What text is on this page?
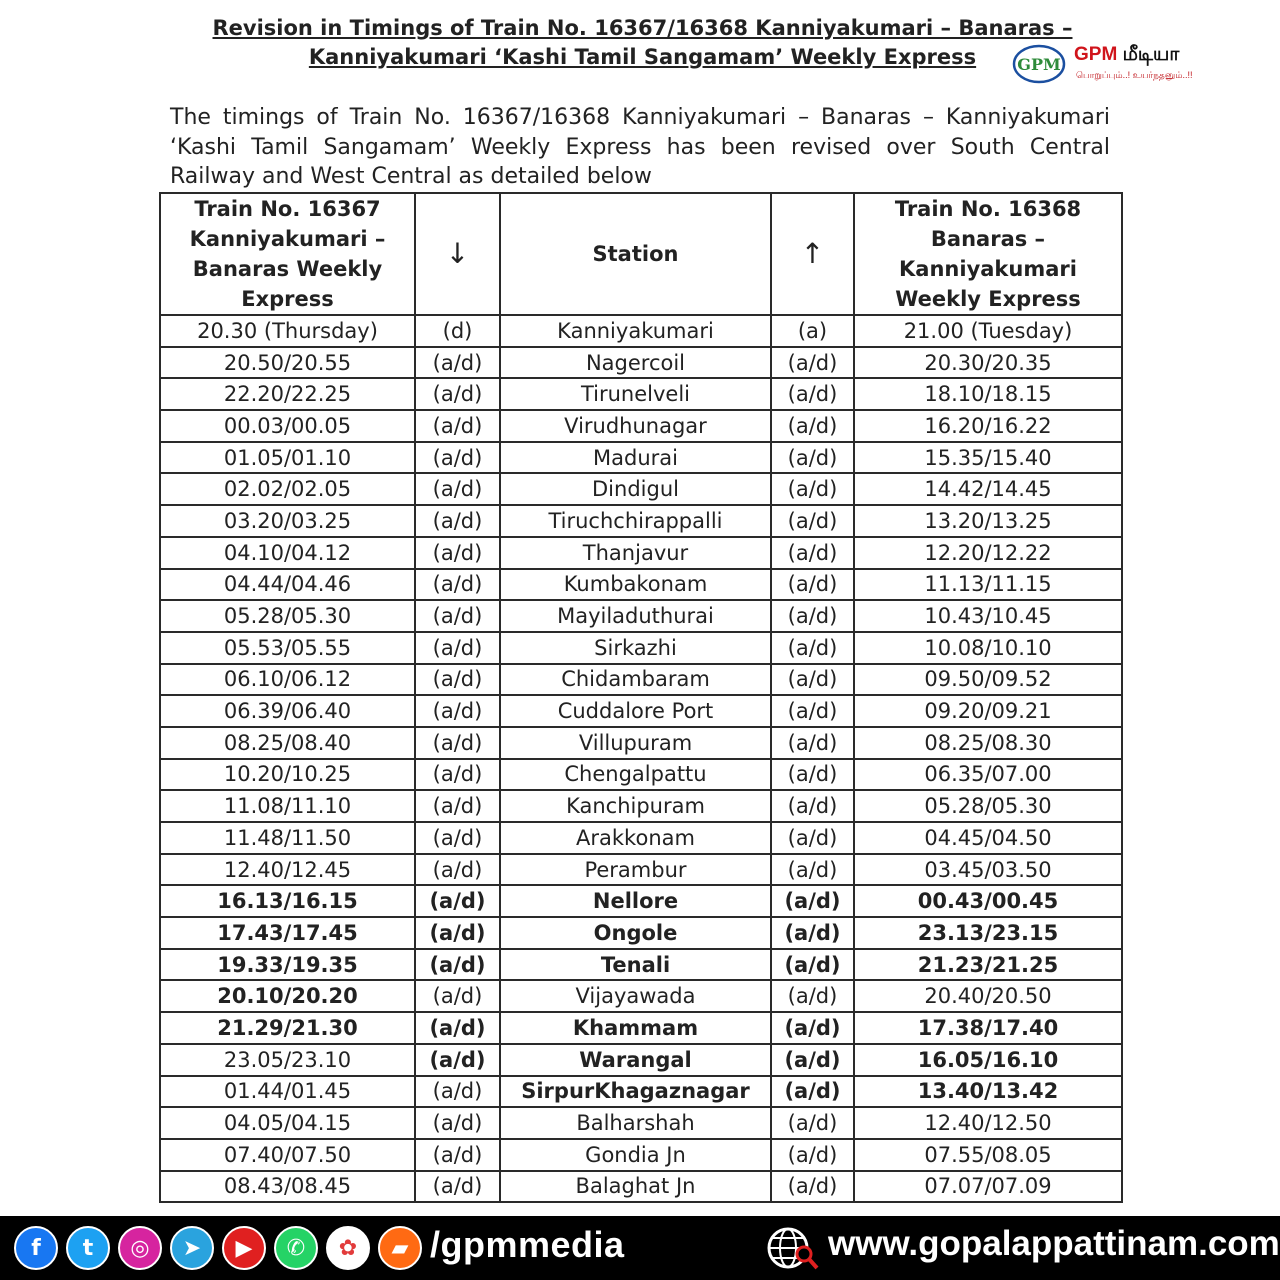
Revision in Timings of Train No. 16367/16368 Kanniyakumari – Banaras –
Kanniyakumari ‘Kashi Tamil Sangamam’ Weekly Express	GPM GPM மீடியா
பொறுப்பும்..! உயர்நதனும்..!!
The timings of Train No. 16367/16368 Kanniyakumari – Banaras – Kanniyakumari ‘Kashi Tamil Sangamam’ Weekly Express has been revised over South Central Railway and West Central as detailed below
Train No. 16367 Kanniyakumari – Banaras Weekly Express	↓	Station	↑	Train No. 16368 Banaras – Kanniyakumari Weekly Express
20.30 (Thursday)	(d)	Kanniyakumari	(a)	21.00 (Tuesday)
20.50/20.55	(a/d)	Nagercoil	(a/d)	20.30/20.35
22.20/22.25	(a/d)	Tirunelveli	(a/d)	18.10/18.15
00.03/00.05	(a/d)	Virudhunagar	(a/d)	16.20/16.22
01.05/01.10	(a/d)	Madurai	(a/d)	15.35/15.40
02.02/02.05	(a/d)	Dindigul	(a/d)	14.42/14.45
03.20/03.25	(a/d)	Tiruchchirappalli	(a/d)	13.20/13.25
04.10/04.12	(a/d)	Thanjavur	(a/d)	12.20/12.22
04.44/04.46	(a/d)	Kumbakonam	(a/d)	11.13/11.15
05.28/05.30	(a/d)	Mayiladuthurai	(a/d)	10.43/10.45
05.53/05.55	(a/d)	Sirkazhi	(a/d)	10.08/10.10
06.10/06.12	(a/d)	Chidambaram	(a/d)	09.50/09.52
06.39/06.40	(a/d)	Cuddalore Port	(a/d)	09.20/09.21
08.25/08.40	(a/d)	Villupuram	(a/d)	08.25/08.30
10.20/10.25	(a/d)	Chengalpattu	(a/d)	06.35/07.00
11.08/11.10	(a/d)	Kanchipuram	(a/d)	05.28/05.30
11.48/11.50	(a/d)	Arakkonam	(a/d)	04.45/04.50
12.40/12.45	(a/d)	Perambur	(a/d)	03.45/03.50
16.13/16.15	(a/d)	Nellore	(a/d)	00.43/00.45
17.43/17.45	(a/d)	Ongole	(a/d)	23.13/23.15
19.33/19.35	(a/d)	Tenali	(a/d)	21.23/21.25
20.10/20.20	(a/d)	Vijayawada	(a/d)	20.40/20.50
21.29/21.30	(a/d)	Khammam	(a/d)	17.38/17.40
23.05/23.10	(a/d)	Warangal	(a/d)	16.05/16.10
01.44/01.45	(a/d)	SirpurKhagaznagar	(a/d)	13.40/13.42
04.05/04.15	(a/d)	Balharshah	(a/d)	12.40/12.50
07.40/07.50	(a/d)	Gondia Jn	(a/d)	07.55/08.05
08.43/08.45	(a/d)	Balaghat Jn	(a/d)	07.07/07.09
f	t	◎	➤	▶	✆	✿	▰ /gpmmedia	www.gopalappattinam.com
